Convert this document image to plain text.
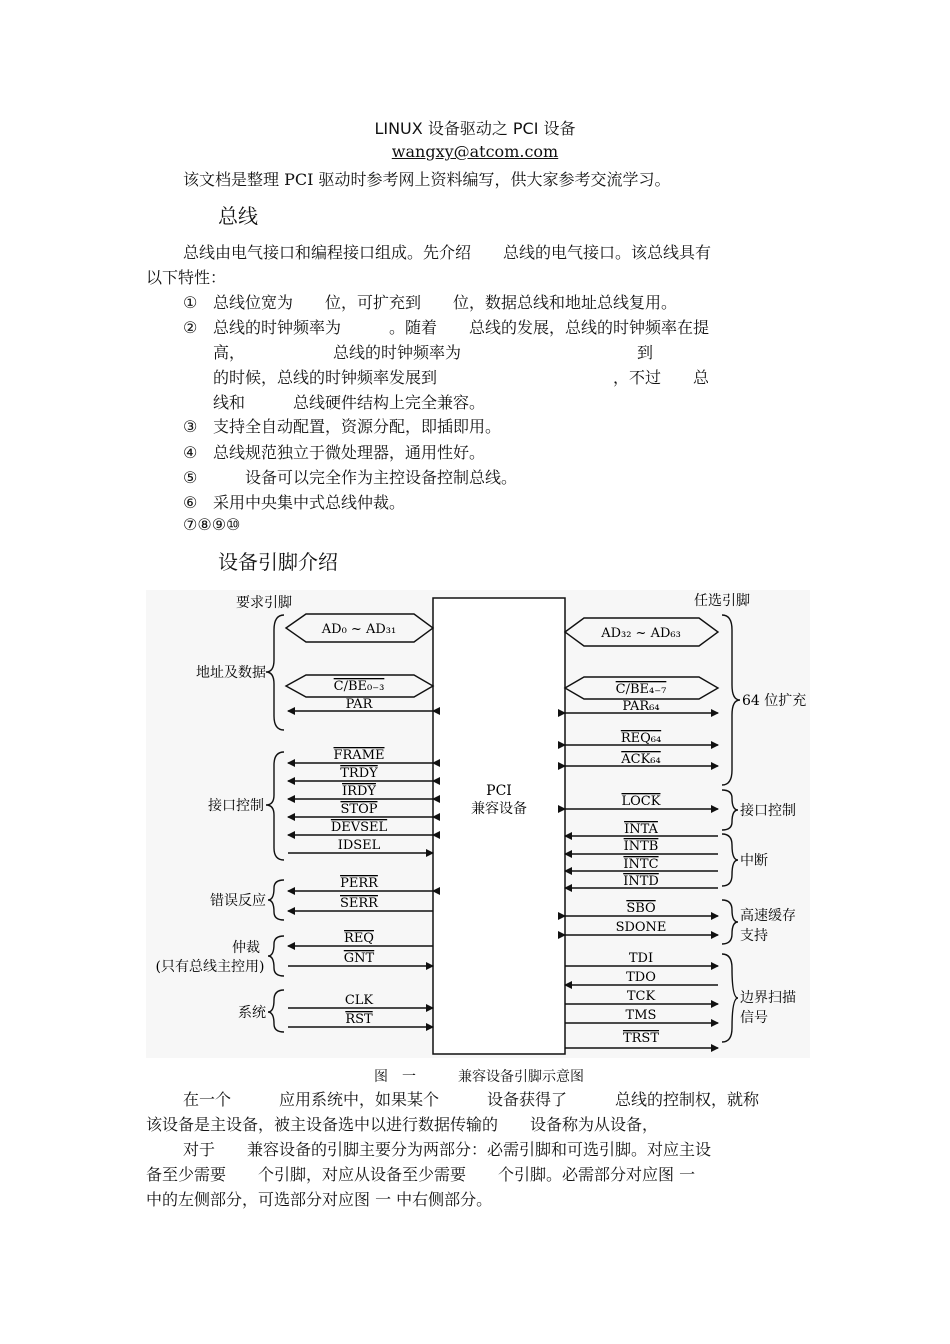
LINUX 设备驱动之 PCI 设备
wangxy@atcom.com
该文档是整理 PCI 驱动时参考网上资料编写，供大家参考交流学习。
总线
总线由电气接口和编程接口组成。先介绍　　总线的电气接口。该总线具有
以下特性：
① 总线位宽为　　位，可扩充到　　位，数据总线和地址总线复用。
② 总线的时钟频率为　　　。随着　　总线的发展，总线的时钟频率在提
高，　　　　　　总线的时钟频率为　　　　　　　　　　　到
的时候，总线的时钟频率发展到　　　　　　　　　　　，不过　　总
线和　　　总线硬件结构上完全兼容。
③ 支持全自动配置，资源分配，即插即用。
④ 总线规范独立于微处理器，通用性好。
⑤　　设备可以完全作为主控设备控制总线。
⑥ 采用中央集中式总线仲裁。
⑦⑧⑨⑩
设备引脚介绍
PCI
兼容设备
要求引脚	任选引脚
AD₀ ~ AD₃₁
C/BE₀₋₃
PAR
FRAME
TRDY
IRDY
STOP
DEVSEL
IDSEL
PERR
SERR
REQ
GNT
CLK
RST
AD₃₂ ~ AD₆₃
C/BE₄₋₇
PAR₆₄
REQ₆₄
ACK₆₄
LOCK
INTA
INTB
INTC
INTD
SBO
SDONE
TDI
TDO
TCK
TMS
TRST
地址及数据
接口控制
错误反应
仲裁
(只有总线主控用)
系统
64 位扩充
接口控制
中断
高速缓存
支持
边界扫描
信号
图　一　　　兼容设备引脚示意图
在一个　　　应用系统中，如果某个　　　设备获得了　　　总线的控制权，就称
该设备是主设备，被主设备选中以进行数据传输的　　设备称为从设备，
对于　　兼容设备的引脚主要分为两部分：必需引脚和可选引脚。对应主设
备至少需要　　个引脚，对应从设备至少需要　　个引脚。必需部分对应图 一
中的左侧部分，可选部分对应图 一 中右侧部分。
